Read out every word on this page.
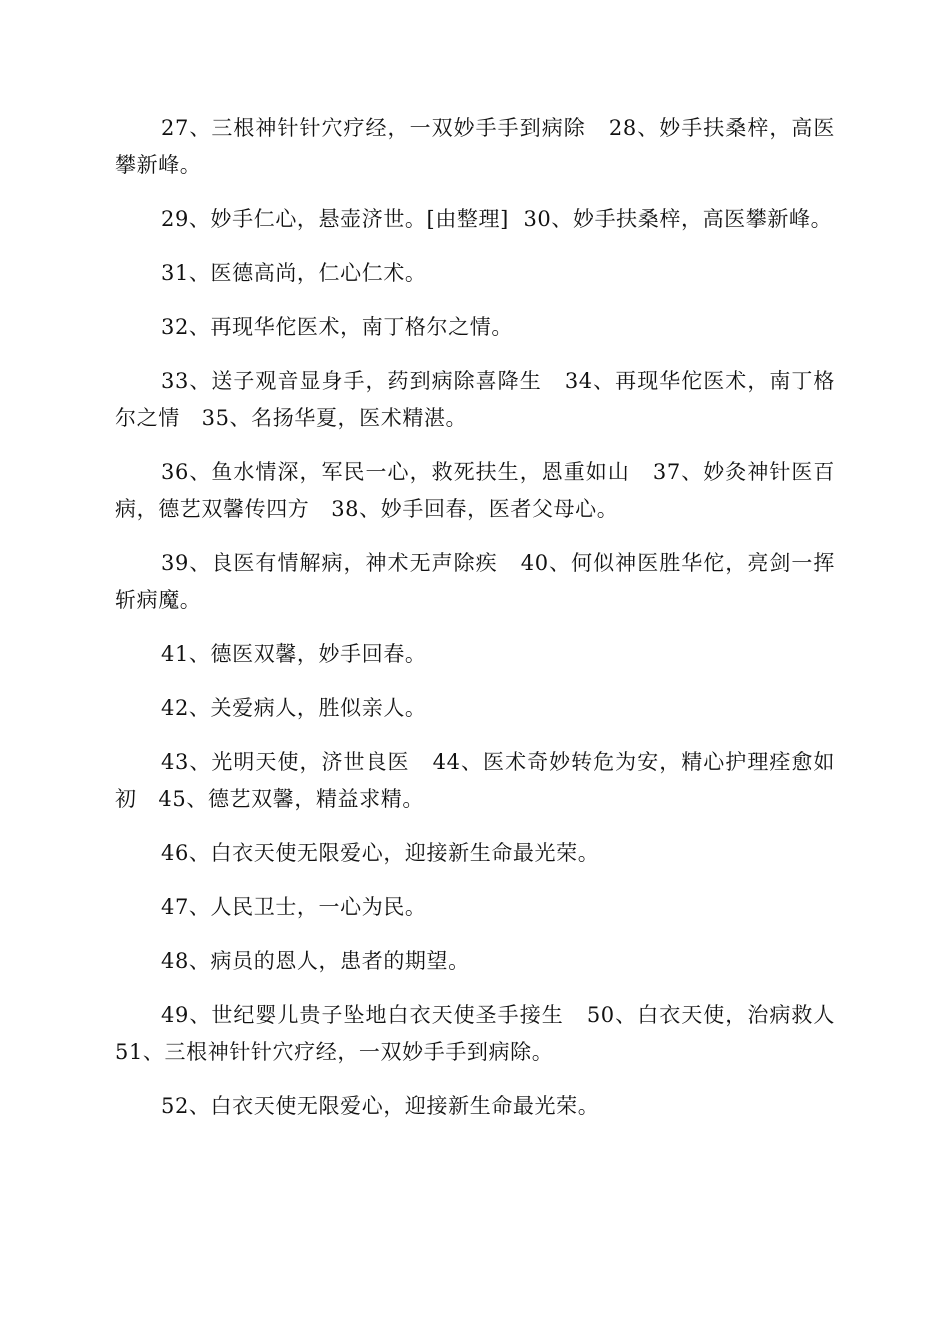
27、三根神针针穴疗经，一双妙手手到病除   28、妙手扶桑梓，高医攀新峰。

29、妙手仁心，悬壶济世。[由整理]  30、妙手扶桑梓，高医攀新峰。

31、医德高尚，仁心仁术。

32、再现华佗医术，南丁格尔之情。

33、送子观音显身手，药到病除喜降生   34、再现华佗医术，南丁格尔之情   35、名扬华夏，医术精湛。

36、鱼水情深，军民一心，救死扶生，恩重如山   37、妙灸神针医百病，德艺双馨传四方   38、妙手回春，医者父母心。

39、良医有情解病，神术无声除疾   40、何似神医胜华佗，亮剑一挥斩病魔。

41、德医双馨，妙手回春。

42、关爱病人，胜似亲人。

43、光明天使，济世良医   44、医术奇妙转危为安，精心护理痊愈如初   45、德艺双馨，精益求精。

46、白衣天使无限爱心，迎接新生命最光荣。

47、人民卫士，一心为民。

48、病员的恩人，患者的期望。

49、世纪婴儿贵子坠地白衣天使圣手接生   50、白衣天使，治病救人 51、三根神针针穴疗经，一双妙手手到病除。

52、白衣天使无限爱心，迎接新生命最光荣。
